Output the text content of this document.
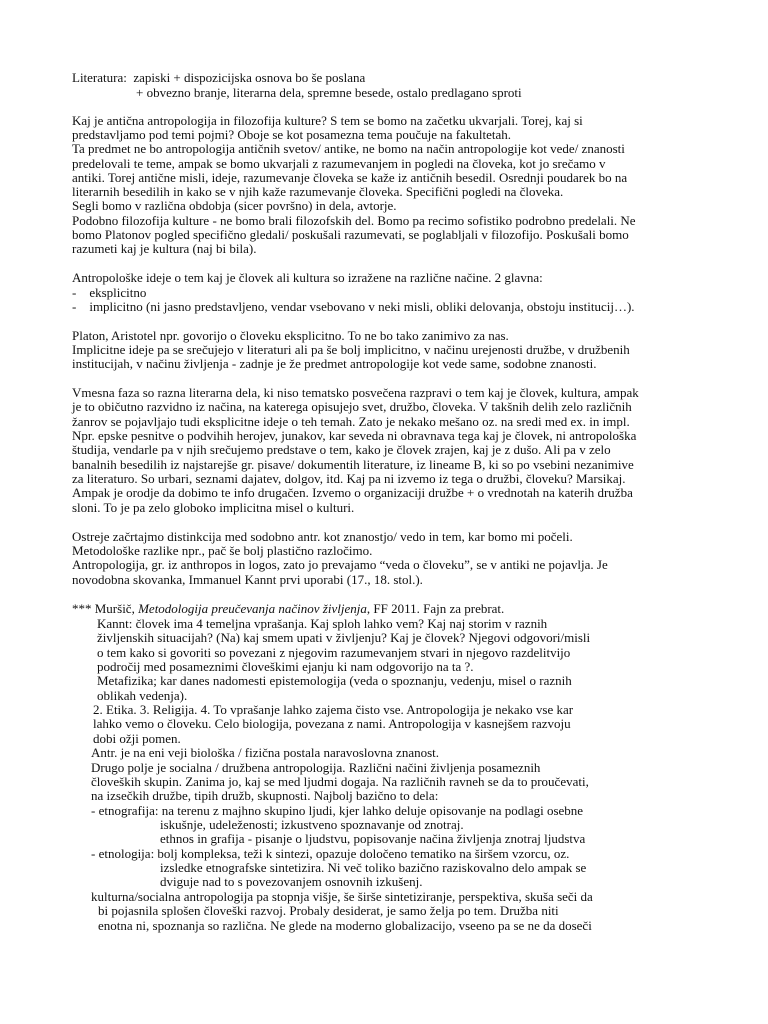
Literatura:  zapiski + dispozicijska osnova bo še poslana

+ obvezno branje, literarna dela, spremne besede, ostalo predlagano sproti

Kaj je antična antropologija in filozofija kulture? S tem se bomo na začetku ukvarjali. Torej, kaj si

predstavljamo pod temi pojmi? Oboje se kot posamezna tema poučuje na fakultetah.

Ta predmet ne bo antropologija antičnih svetov/ antike, ne bomo na način antropologije kot vede/ znanosti

predelovali te teme, ampak se bomo ukvarjali z razumevanjem in pogledi na človeka, kot jo srečamo v

antiki. Torej antične misli, ideje, razumevanje človeka se kaže iz antičnih besedil. Osrednji poudarek bo na

literarnih besedilih in kako se v njih kaže razumevanje človeka. Specifični pogledi na človeka.

Segli bomo v različna obdobja (sicer površno) in dela, avtorje.

Podobno filozofija kulture - ne bomo brali filozofskih del. Bomo pa recimo sofistiko podrobno predelali. Ne

bomo Platonov pogled specifično gledali/ poskušali razumevati, se poglabljali v filozofijo. Poskušali bomo

razumeti kaj je kultura (naj bi bila).

Antropološke ideje o tem kaj je človek ali kultura so izražene na različne načine. 2 glavna:

-    eksplicitno

-    implicitno (ni jasno predstavljeno, vendar vsebovano v neki misli, obliki delovanja, obstoju institucij…).

Platon, Aristotel npr. govorijo o človeku eksplicitno. To ne bo tako zanimivo za nas.

Implicitne ideje pa se srečujejo v literaturi ali pa še bolj implicitno, v načinu urejenosti družbe, v družbenih

institucijah, v načinu življenja - zadnje je že predmet antropologije kot vede same, sodobne znanosti.

Vmesna faza so razna literarna dela, ki niso tematsko posvečena razpravi o tem kaj je človek, kultura, ampak

je to običutno razvidno iz načina, na katerega opisujejo svet, družbo, človeka. V takšnih delih zelo različnih

žanrov se pojavljajo tudi eksplicitne ideje o teh temah. Zato je nekako mešano oz. na sredi med ex. in impl.

Npr. epske pesnitve o podvihih herojev, junakov, kar seveda ni obravnava tega kaj je človek, ni antropološka

študija, vendarle pa v njih srečujemo predstave o tem, kako je človek zrajen, kaj je z dušo. Ali pa v zelo

banalnih besedilih iz najstarejše gr. pisave/ dokumentih literature, iz lineame B, ki so po vsebini nezanimive

za literaturo. So urbari, seznami dajatev, dolgov, itd. Kaj pa ni izvemo iz tega o družbi, človeku? Marsikaj.

Ampak je orodje da dobimo te info drugačen. Izvemo o organizaciji družbe + o vrednotah na katerih družba

sloni. To je pa zelo globoko implicitna misel o kulturi.

Ostreje začrtajmo distinkcija med sodobno antr. kot znanostjo/ vedo in tem, kar bomo mi počeli.

Metodološke razlike npr., pač še bolj plastično razločimo.

Antropologija, gr. iz anthropos in logos, zato jo prevajamo “veda o človeku”, se v antiki ne pojavlja. Je

novodobna skovanka, Immanuel Kannt prvi uporabi (17., 18. stol.).

*** Muršič, Metodologija preučevanja načinov življenja, FF 2011. Fajn za prebrat.

Kannt: človek ima 4 temeljna vprašanja. Kaj sploh lahko vem? Kaj naj storim v raznih

življenskih situacijah? (Na) kaj smem upati v življenju? Kaj je človek? Njegovi odgovori/misli

o tem kako si govoriti so povezani z njegovim razumevanjem stvari in njegovo razdelitvijo

področij med posameznimi človeškimi ejanju ki nam odgovorijo na ta ?.

Metafizika; kar danes nadomesti epistemologija (veda o spoznanju, vedenju, misel o raznih

oblikah vedenja).

2. Etika. 3. Religija. 4. To vprašanje lahko zajema čisto vse. Antropologija je nekako vse kar

lahko vemo o človeku. Celo biologija, povezana z nami. Antropologija v kasnejšem razvoju

dobi ožji pomen.

Antr. je na eni veji biološka / fizična postala naravoslovna znanost.

Drugo polje je socialna / družbena antropologija. Različni načini življenja posameznih

človeških skupin. Zanima jo, kaj se med ljudmi dogaja. Na različnih ravneh se da to proučevati,

na izsečkih družbe, tipih družb, skupnosti. Najbolj bazično to dela:

- etnografija: na terenu z majhno skupino ljudi, kjer lahko deluje opisovanje na podlagi osebne

iskušnje, udeleženosti; izkustveno spoznavanje od znotraj.

ethnos in grafija - pisanje o ljudstvu, popisovanje načina življenja znotraj ljudstva

- etnologija: bolj kompleksa, teži k sintezi, opazuje določeno tematiko na širšem vzorcu, oz.

izsledke etnografske sintetizira. Ni več toliko bazično raziskovalno delo ampak se

dviguje nad to s povezovanjem osnovnih izkušenj.

kulturna/socialna antropologija pa stopnja višje, še širše sintetiziranje, perspektiva, skuša seči da

bi pojasnila splošen človeški razvoj. Probaly desiderat, je samo želja po tem. Družba niti

enotna ni, spoznanja so različna. Ne glede na moderno globalizacijo, vseeno pa se ne da doseči
